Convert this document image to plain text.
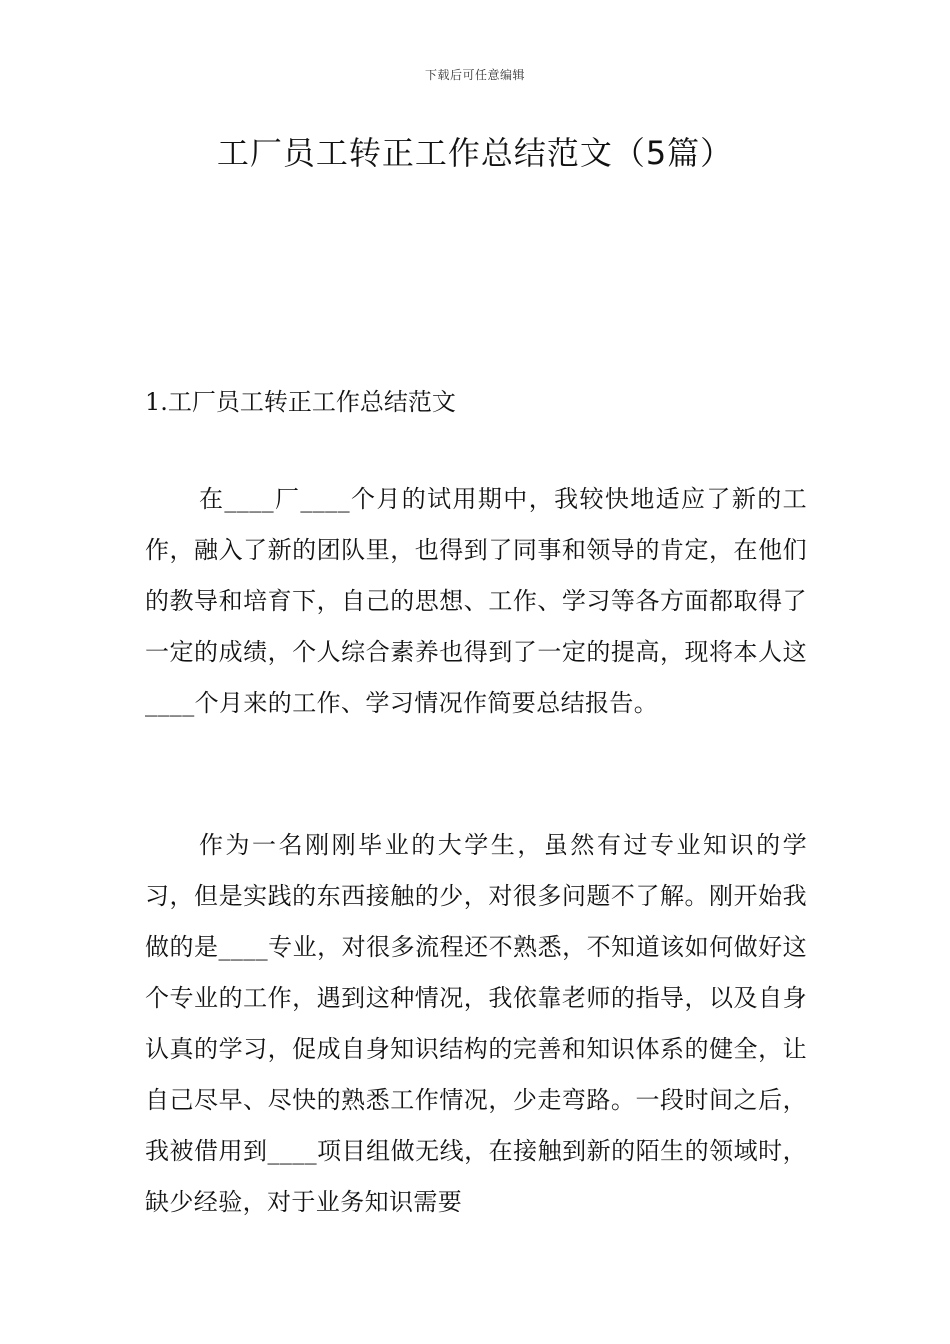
下载后可任意编辑
工厂员工转正工作总结范文（5篇）
1.工厂员工转正工作总结范文

在____厂____个月的试用期中，我较快地适应了新的工作，融入了新的团队里，也得到了同事和领导的肯定，在他们的教导和培育下，自己的思想、工作、学习等各方面都取得了一定的成绩，个人综合素养也得到了一定的提高，现将本人这____个月来的工作、学习情况作简要总结报告。

作为一名刚刚毕业的大学生，虽然有过专业知识的学习，但是实践的东西接触的少，对很多问题不了解。刚开始我做的是____专业，对很多流程还不熟悉，不知道该如何做好这个专业的工作，遇到这种情况，我依靠老师的指导，以及自身认真的学习，促成自身知识结构的完善和知识体系的健全，让自己尽早、尽快的熟悉工作情况，少走弯路。一段时间之后，我被借用到____项目组做无线，在接触到新的陌生的领域时，缺少经验，对于业务知识需要
